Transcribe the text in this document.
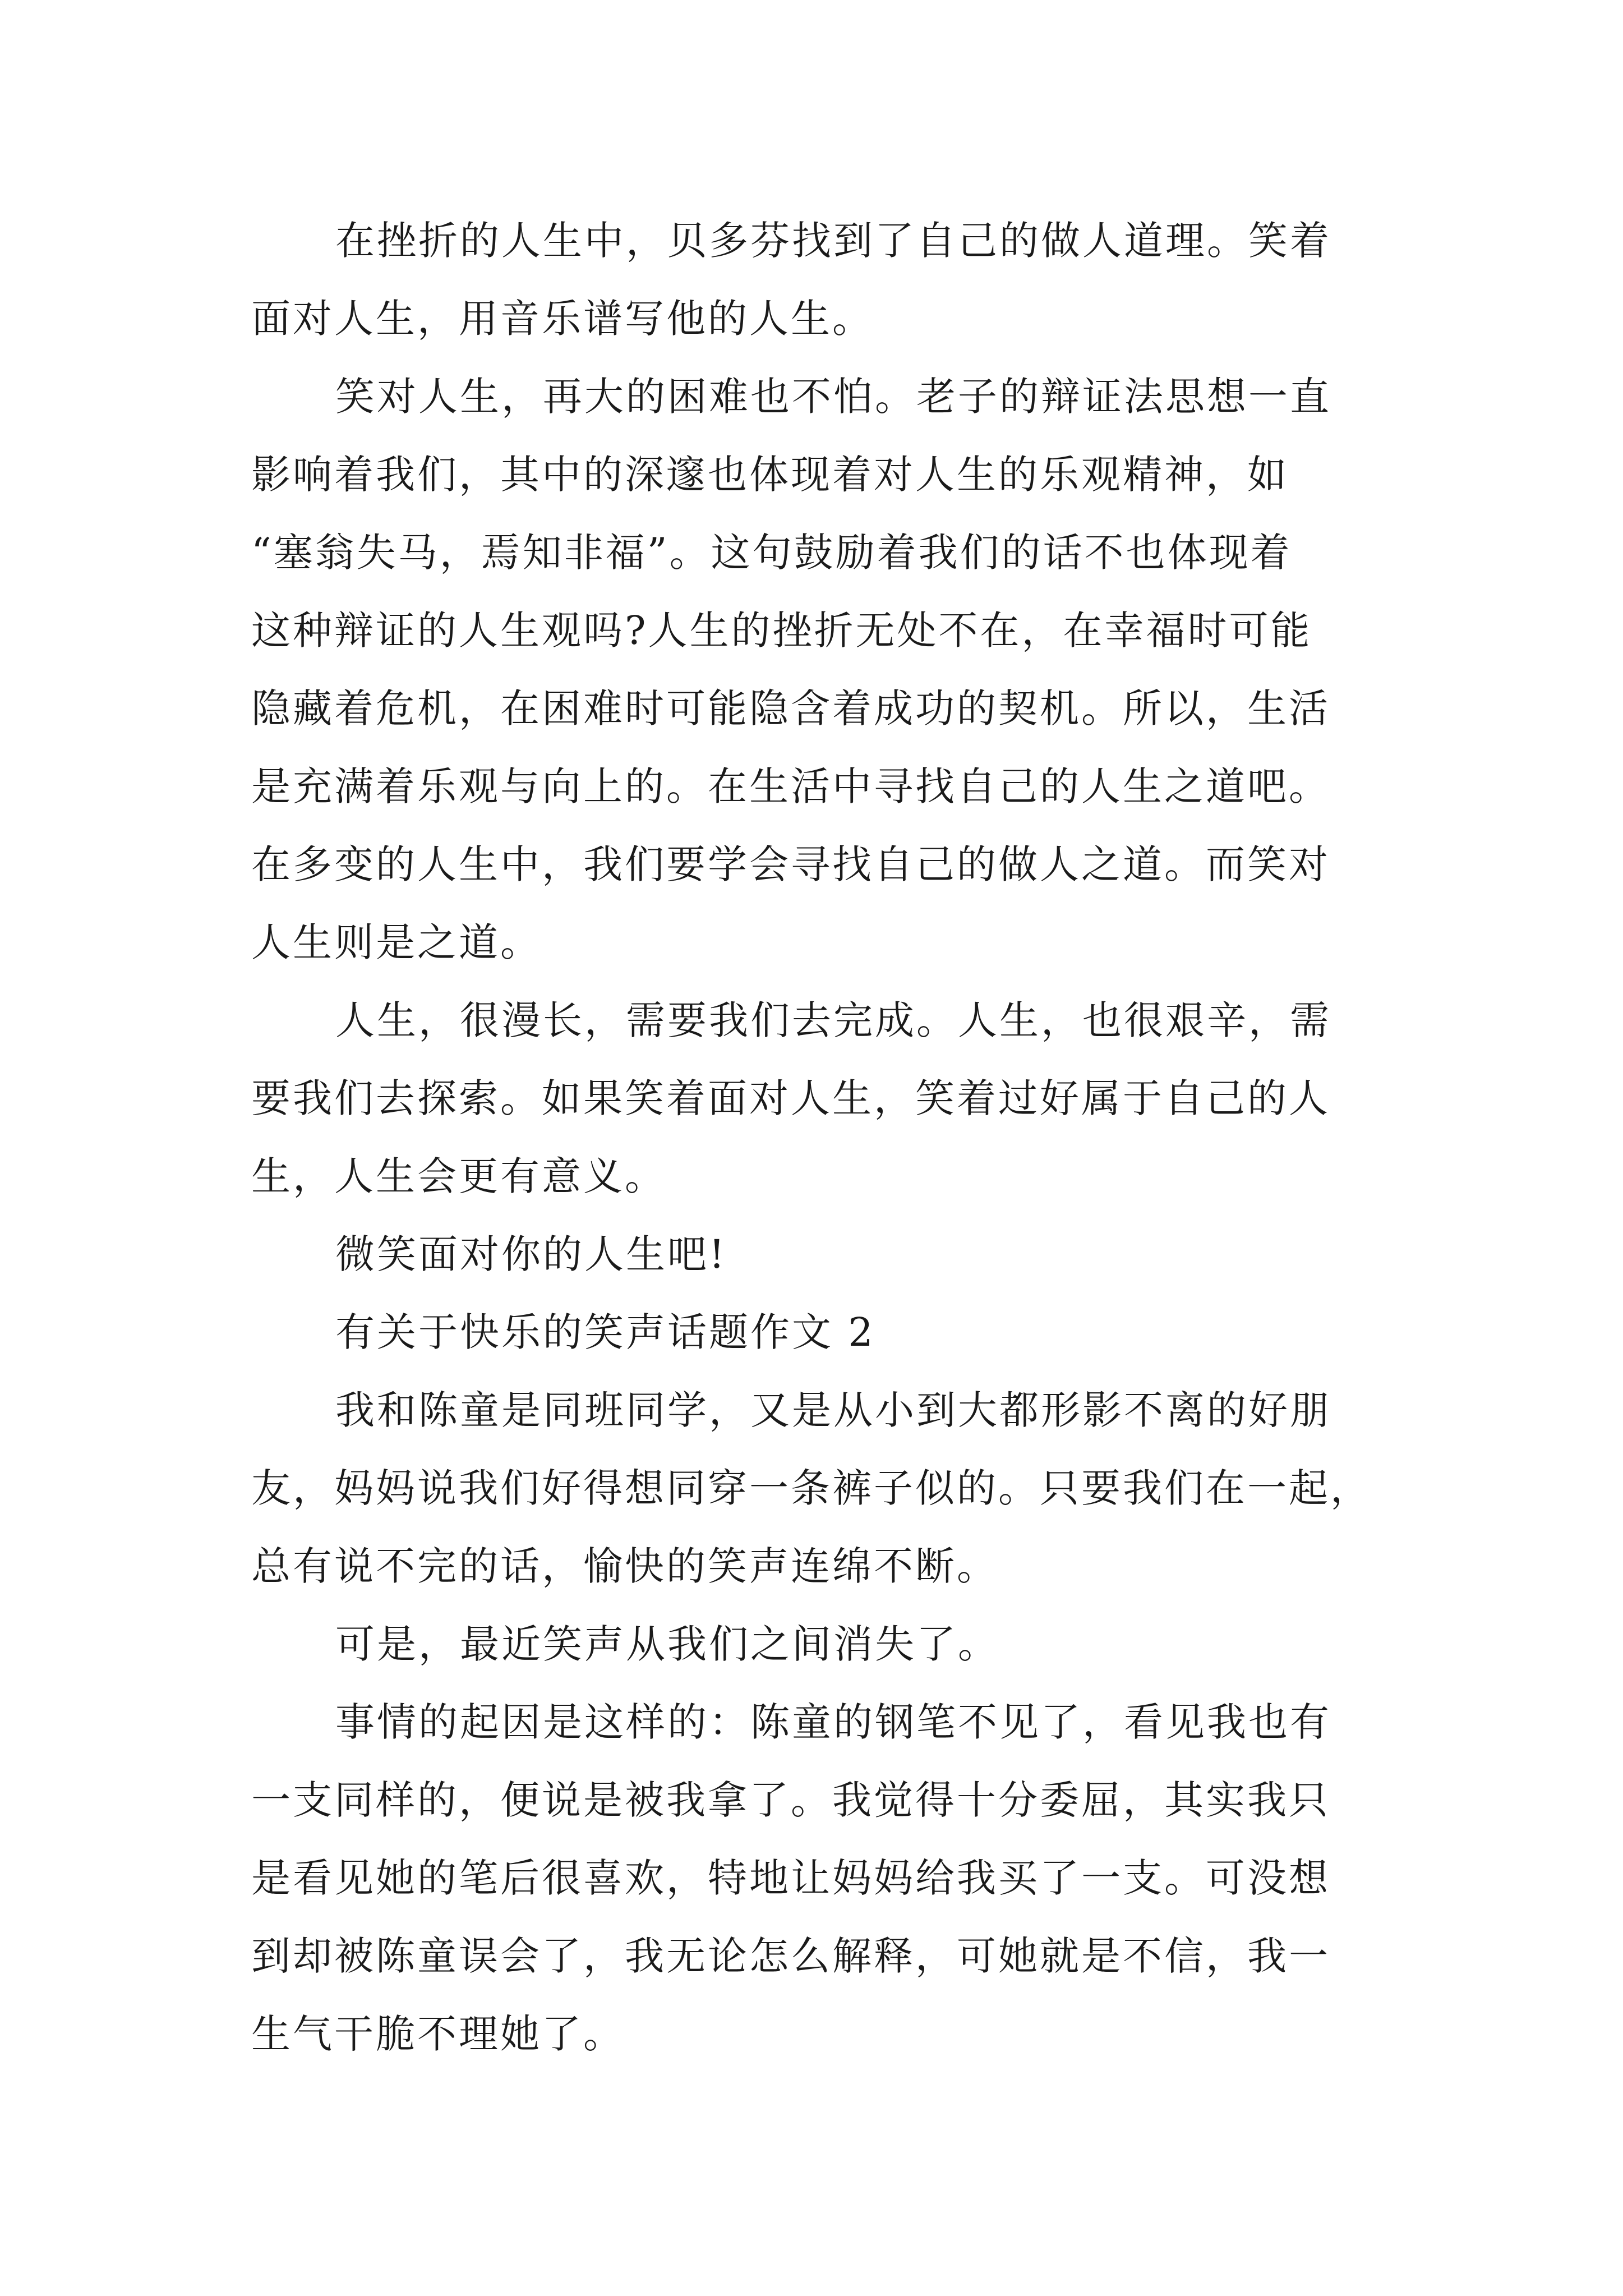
在挫折的人生中，贝多芬找到了自己的做人道理。笑着
面对人生，用音乐谱写他的人生。

笑对人生，再大的困难也不怕。老子的辩证法思想一直
影响着我们，其中的深邃也体现着对人生的乐观精神，如
“塞翁失马，焉知非福”。这句鼓励着我们的话不也体现着
这种辩证的人生观吗?人生的挫折无处不在，在幸福时可能
隐藏着危机，在困难时可能隐含着成功的契机。所以，生活
是充满着乐观与向上的。在生活中寻找自己的人生之道吧。
在多变的人生中，我们要学会寻找自己的做人之道。而笑对
人生则是之道。

人生，很漫长，需要我们去完成。人生，也很艰辛，需
要我们去探索。如果笑着面对人生，笑着过好属于自己的人
生，人生会更有意义。

微笑面对你的人生吧!

有关于快乐的笑声话题作文 2

我和陈童是同班同学，又是从小到大都形影不离的好朋
友，妈妈说我们好得想同穿一条裤子似的。只要我们在一起，
总有说不完的话，愉快的笑声连绵不断。

可是，最近笑声从我们之间消失了。

事情的起因是这样的：陈童的钢笔不见了，看见我也有
一支同样的，便说是被我拿了。我觉得十分委屈，其实我只
是看见她的笔后很喜欢，特地让妈妈给我买了一支。可没想
到却被陈童误会了，我无论怎么解释，可她就是不信，我一
生气干脆不理她了。
